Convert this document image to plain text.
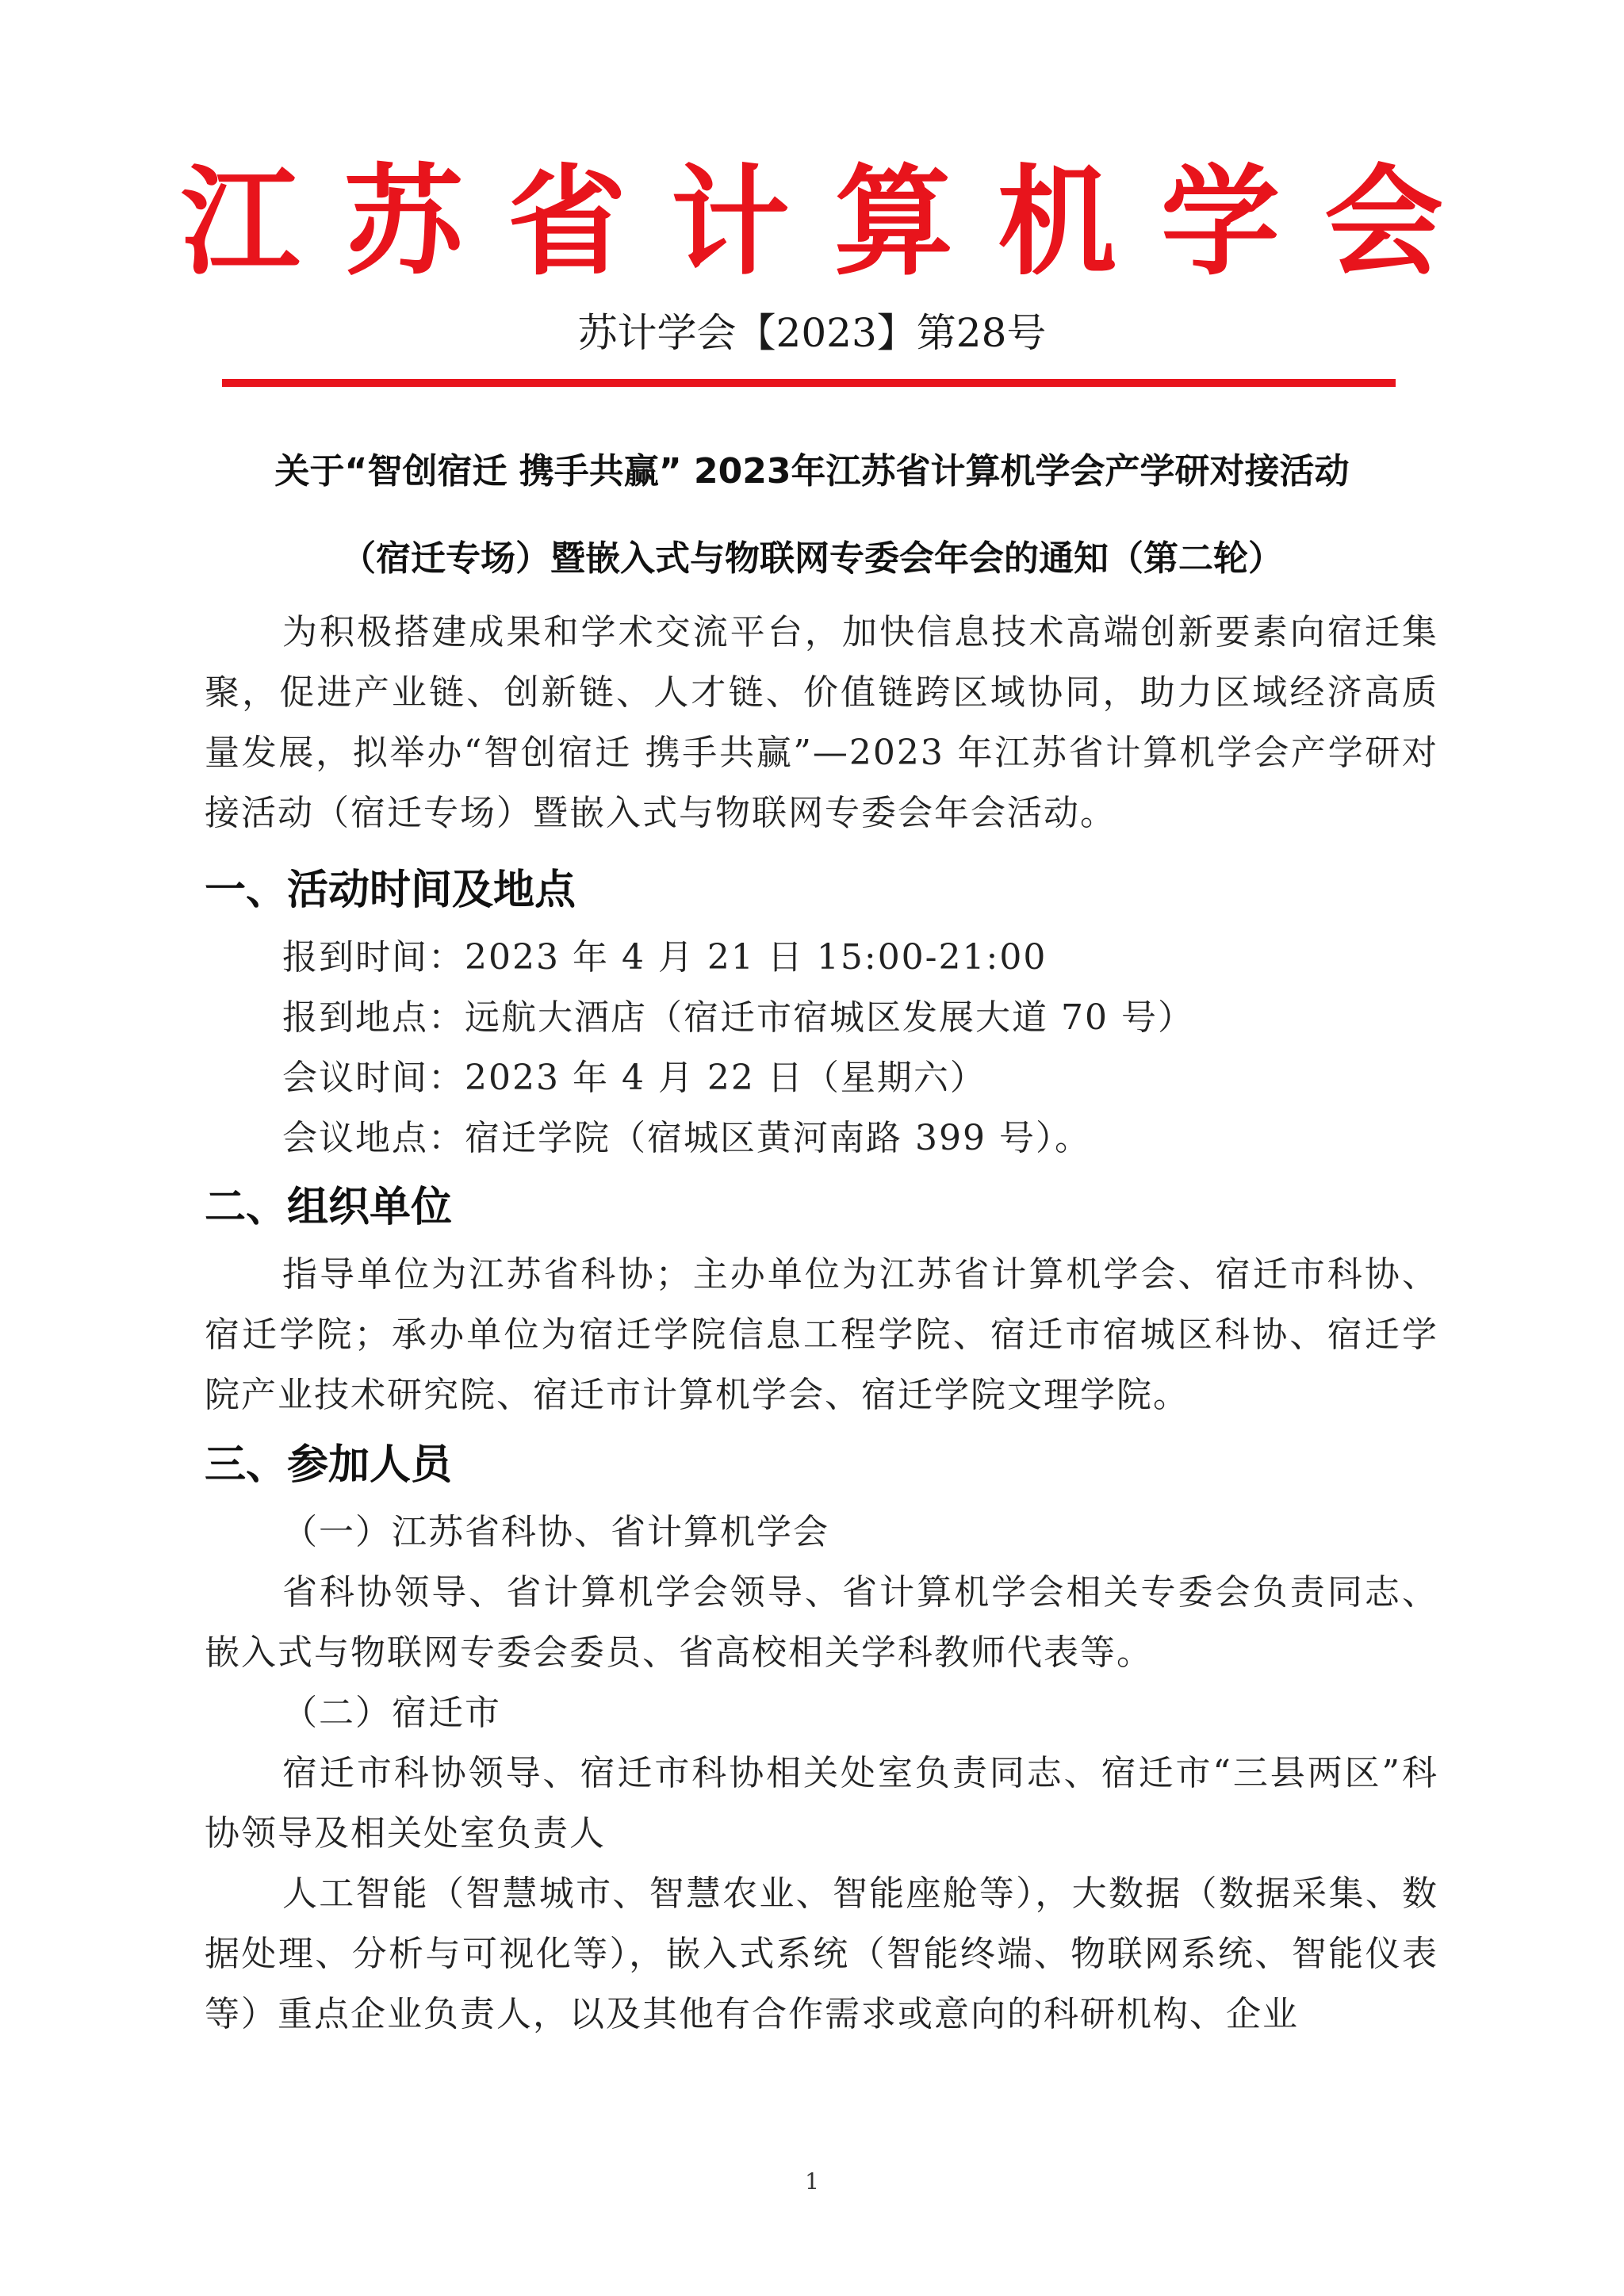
江苏省计算机学会
苏计学会【2023】第28号
关于“智创宿迁 携手共赢” 2023年江苏省计算机学会产学研对接活动
（宿迁专场）暨嵌入式与物联网专委会年会的通知（第二轮）
为积极搭建成果和学术交流平台，加快信息技术高端创新要素向宿迁集聚，促进产业链、创新链、人才链、价值链跨区域协同，助力区域经济高质量发展，拟举办“智创宿迁 携手共赢”—2023 年江苏省计算机学会产学研对接活动（宿迁专场）暨嵌入式与物联网专委会年会活动。
一、活动时间及地点
报到时间：2023 年 4 月 21 日 15:00-21:00
报到地点：远航大酒店（宿迁市宿城区发展大道 70 号）
会议时间：2023 年 4 月 22 日（星期六）
会议地点：宿迁学院（宿城区黄河南路 399 号）。
二、组织单位
指导单位为江苏省科协；主办单位为江苏省计算机学会、宿迁市科协、宿迁学院；承办单位为宿迁学院信息工程学院、宿迁市宿城区科协、宿迁学院产业技术研究院、宿迁市计算机学会、宿迁学院文理学院。
三、参加人员
（一）江苏省科协、省计算机学会
省科协领导、省计算机学会领导、省计算机学会相关专委会负责同志、嵌入式与物联网专委会委员、省高校相关学科教师代表等。
（二）宿迁市
宿迁市科协领导、宿迁市科协相关处室负责同志、宿迁市“三县两区”科协领导及相关处室负责人
人工智能（智慧城市、智慧农业、智能座舱等），大数据（数据采集、数据处理、分析与可视化等），嵌入式系统（智能终端、物联网系统、智能仪表等）重点企业负责人，以及其他有合作需求或意向的科研机构、企业
1
